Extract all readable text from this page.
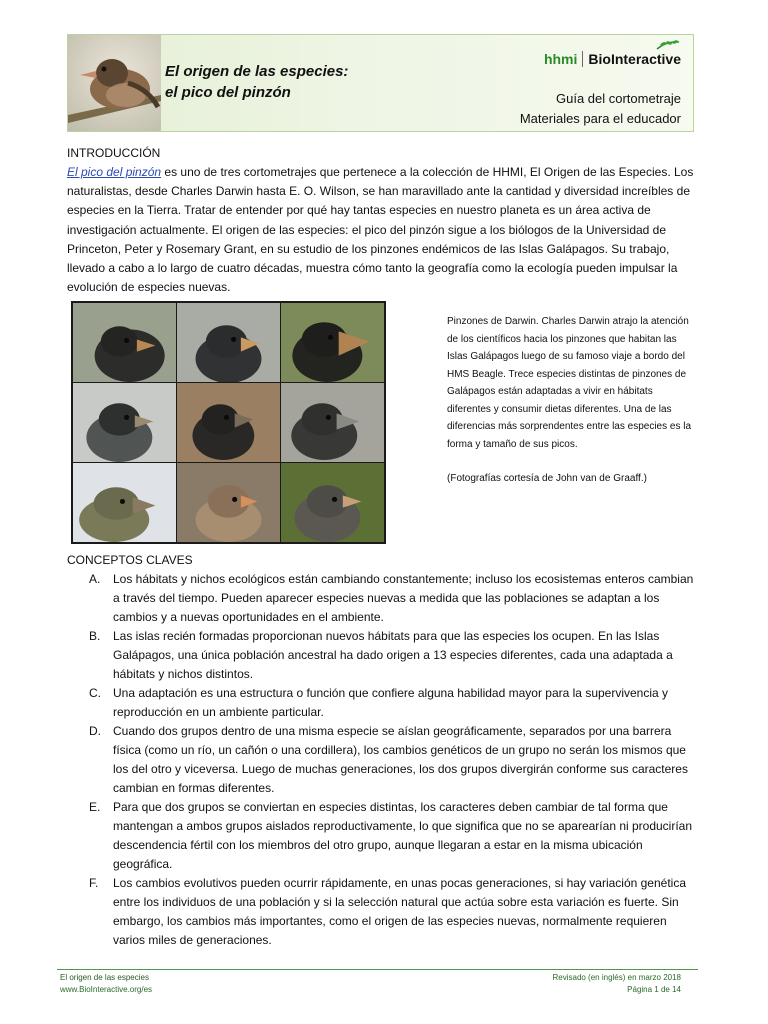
El origen de las especies:
el pico del pinzón
hhmi BioInteractive
Guía del cortometraje
Materiales para el educador
INTRODUCCIÓN
El pico del pinzón es uno de tres cortometrajes que pertenece a la colección de HHMI, El Origen de las Especies. Los naturalistas, desde Charles Darwin hasta E. O. Wilson, se han maravillado ante la cantidad y diversidad increíbles de especies en la Tierra. Tratar de entender por qué hay tantas especies en nuestro planeta es un área activa de investigación actualmente. El origen de las especies: el pico del pinzón sigue a los biólogos de la Universidad de Princeton, Peter y Rosemary Grant, en su estudio de los pinzones endémicos de las Islas Galápagos. Su trabajo, llevado a cabo a lo largo de cuatro décadas, muestra cómo tanto la geografía como la ecología pueden impulsar la evolución de especies nuevas.
Pinzones de Darwin. Charles Darwin atrajo la atención de los científicos hacia los pinzones que habitan las Islas Galápagos luego de su famoso viaje a bordo del HMS Beagle. Trece especies distintas de pinzones de Galápagos están adaptadas a vivir en hábitats diferentes y consumir dietas diferentes. Una de las diferencias más sorprendentes entre las especies es la forma y tamaño de sus picos.
(Fotografías cortesía de John van de Graaff.)
CONCEPTOS CLAVES
A. Los hábitats y nichos ecológicos están cambiando constantemente; incluso los ecosistemas enteros cambian a través del tiempo. Pueden aparecer especies nuevas a medida que las poblaciones se adaptan a los cambios y a nuevas oportunidades en el ambiente.
B. Las islas recién formadas proporcionan nuevos hábitats para que las especies los ocupen. En las Islas Galápagos, una única población ancestral ha dado origen a 13 especies diferentes, cada una adaptada a hábitats y nichos distintos.
C. Una adaptación es una estructura o función que confiere alguna habilidad mayor para la supervivencia y reproducción en un ambiente particular.
D. Cuando dos grupos dentro de una misma especie se aíslan geográficamente, separados por una barrera física (como un río, un cañón o una cordillera), los cambios genéticos de un grupo no serán los mismos que los del otro y viceversa. Luego de muchas generaciones, los dos grupos divergirán conforme sus caracteres cambian en formas diferentes.
E. Para que dos grupos se conviertan en especies distintas, los caracteres deben cambiar de tal forma que mantengan a ambos grupos aislados reproductivamente, lo que significa que no se aparearían ni producirían descendencia fértil con los miembros del otro grupo, aunque llegaran a estar en la misma ubicación geográfica.
F. Los cambios evolutivos pueden ocurrir rápidamente, en unas pocas generaciones, si hay variación genética entre los individuos de una población y si la selección natural que actúa sobre esta variación es fuerte. Sin embargo, los cambios más importantes, como el origen de las especies nuevas, normalmente requieren varios miles de generaciones.
El origen de las especies
www.BioInteractive.org/es
Revisado (en inglés) en marzo 2018
Página 1 de 14
